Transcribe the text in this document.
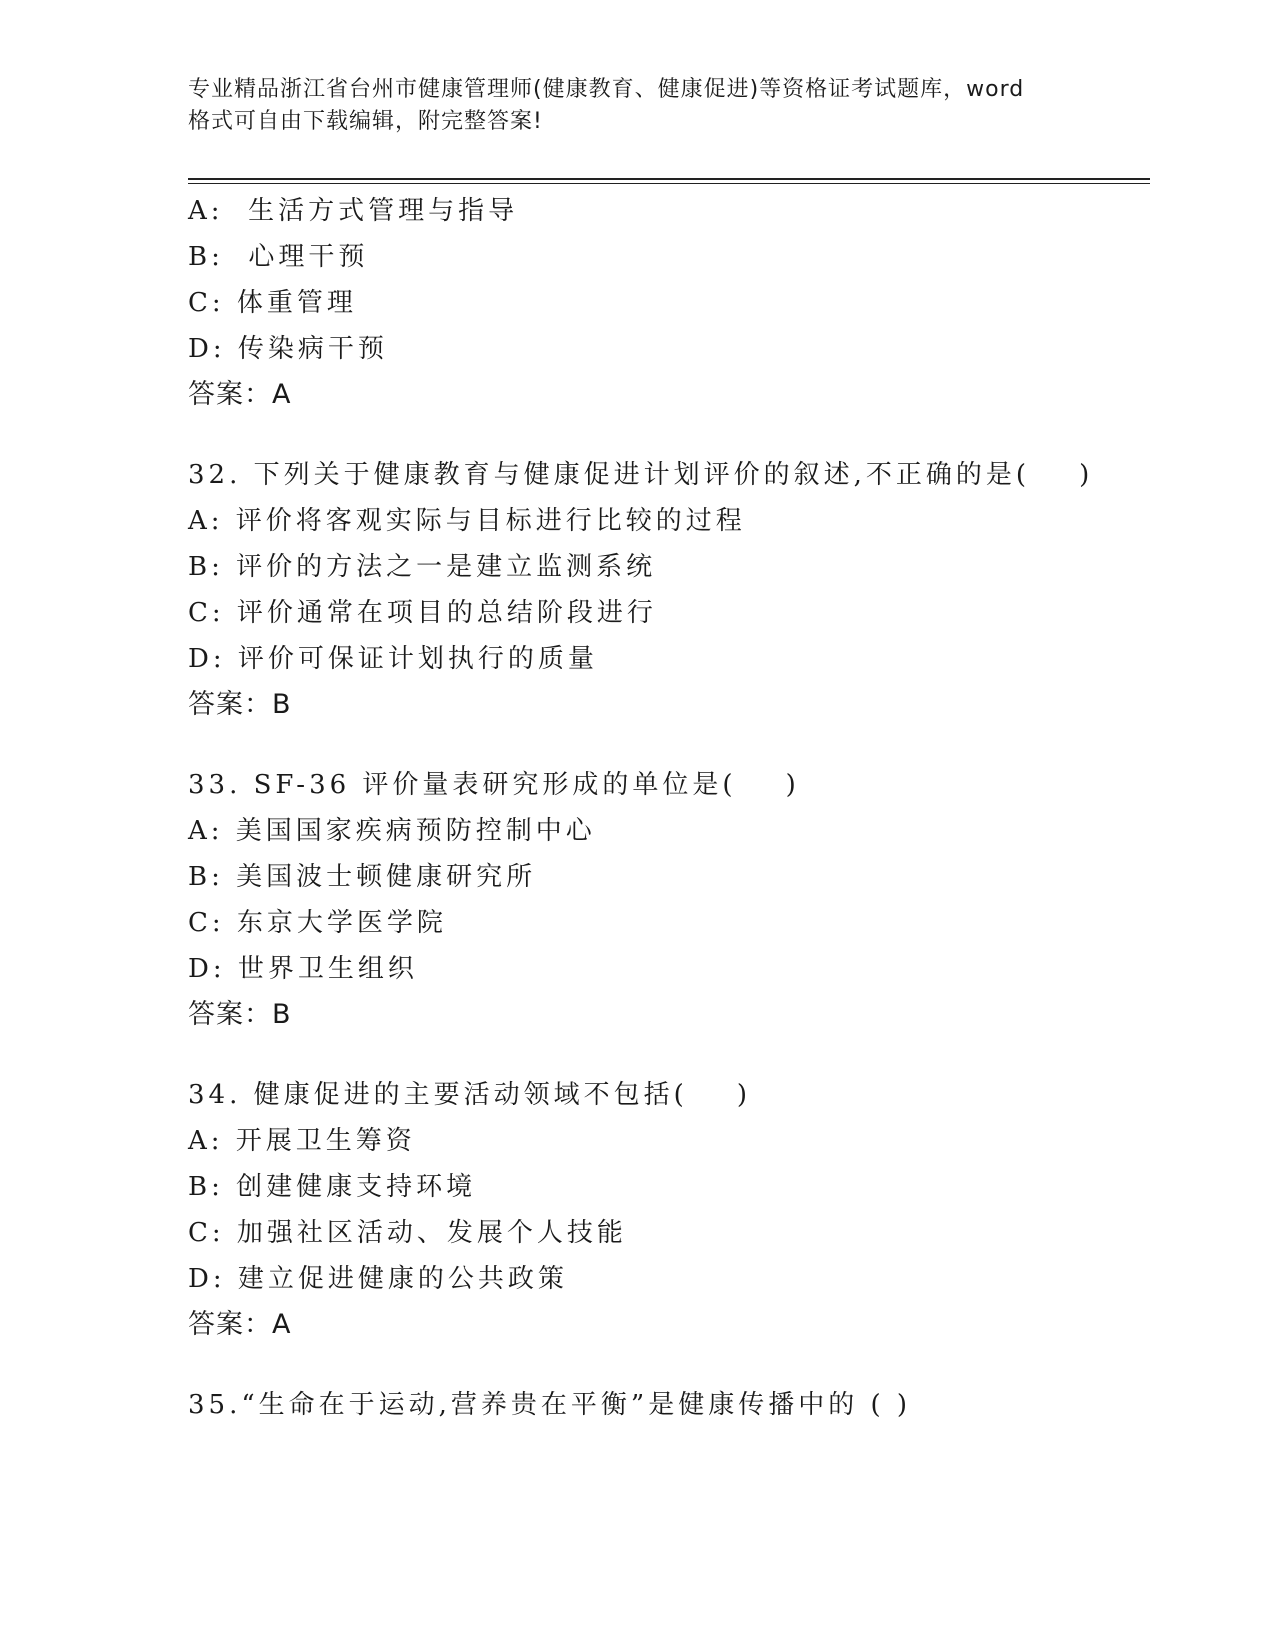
专业精品浙江省台州市健康管理师(健康教育、健康促进)等资格证考试题库，word
格式可自由下载编辑，附完整答案!
A:  生活方式管理与指导
B:  心理干预
C: 体重管理
D: 传染病干预
答案：A
32. 下列关于健康教育与健康促进计划评价的叙述,不正确的是(    )
A: 评价将客观实际与目标进行比较的过程
B: 评价的方法之一是建立监测系统
C: 评价通常在项目的总结阶段进行
D: 评价可保证计划执行的质量
答案：B
33. SF-36 评价量表研究形成的单位是(    )
A: 美国国家疾病预防控制中心
B: 美国波士顿健康研究所
C: 东京大学医学院
D: 世界卫生组织
答案：B
34. 健康促进的主要活动领域不包括(    )
A: 开展卫生筹资
B: 创建健康支持环境
C: 加强社区活动、发展个人技能
D: 建立促进健康的公共政策
答案：A
35.“生命在于运动,营养贵在平衡”是健康传播中的 ( )
